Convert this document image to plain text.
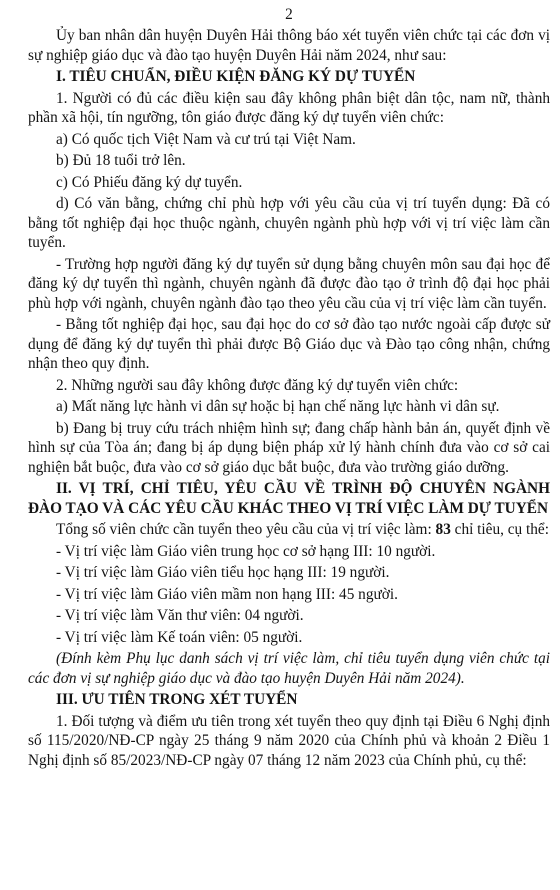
2

Ủy ban nhân dân huyện Duyên Hải thông báo xét tuyển viên chức tại các đơn vị sự nghiệp giáo dục và đào tạo huyện Duyên Hải năm 2024, như sau:

I. TIÊU CHUẨN, ĐIỀU KIỆN ĐĂNG KÝ DỰ TUYỂN

1. Người có đủ các điều kiện sau đây không phân biệt dân tộc, nam nữ, thành phần xã hội, tín ngưỡng, tôn giáo được đăng ký dự tuyển viên chức:

a) Có quốc tịch Việt Nam và cư trú tại Việt Nam.

b) Đủ 18 tuổi trở lên.

c) Có Phiếu đăng ký dự tuyển.

d) Có văn bằng, chứng chỉ phù hợp với yêu cầu của vị trí tuyển dụng: Đã có bằng tốt nghiệp đại học thuộc ngành, chuyên ngành phù hợp với vị trí việc làm cần tuyển.

- Trường hợp người đăng ký dự tuyển sử dụng bằng chuyên môn sau đại học để đăng ký dự tuyển thì ngành, chuyên ngành đã được đào tạo ở trình độ đại học phải phù hợp với ngành, chuyên ngành đào tạo theo yêu cầu của vị trí việc làm cần tuyển.

- Bằng tốt nghiệp đại học, sau đại học do cơ sở đào tạo nước ngoài cấp được sử dụng để đăng ký dự tuyển thì phải được Bộ Giáo dục và Đào tạo công nhận, chứng nhận theo quy định.

2. Những người sau đây không được đăng ký dự tuyển viên chức:

a) Mất năng lực hành vi dân sự hoặc bị hạn chế năng lực hành vi dân sự.

b) Đang bị truy cứu trách nhiệm hình sự; đang chấp hành bản án, quyết định về hình sự của Tòa án; đang bị áp dụng biện pháp xử lý hành chính đưa vào cơ sở cai nghiện bắt buộc, đưa vào cơ sở giáo dục bắt buộc, đưa vào trường giáo dưỡng.

II. VỊ TRÍ, CHỈ TIÊU, YÊU CẦU VỀ TRÌNH ĐỘ CHUYÊN NGÀNH ĐÀO TẠO VÀ CÁC YÊU CẦU KHÁC THEO VỊ TRÍ VIỆC LÀM DỰ TUYỂN

Tổng số viên chức cần tuyển theo yêu cầu của vị trí việc làm: 83 chỉ tiêu, cụ thể:

- Vị trí việc làm Giáo viên trung học cơ sở hạng III: 10 người.

- Vị trí việc làm Giáo viên tiểu học hạng III: 19 người.

- Vị trí việc làm Giáo viên mầm non hạng III: 45 người.

- Vị trí việc làm Văn thư viên: 04 người.

- Vị trí việc làm Kế toán viên: 05 người.

(Đính kèm Phụ lục danh sách vị trí việc làm, chỉ tiêu tuyển dụng viên chức tại các đơn vị sự nghiệp giáo dục và đào tạo huyện Duyên Hải năm 2024).

III. ƯU TIÊN TRONG XÉT TUYỂN

1. Đối tượng và điểm ưu tiên trong xét tuyển theo quy định tại Điều 6 Nghị định số 115/2020/NĐ-CP ngày 25 tháng 9 năm 2020 của Chính phủ và khoản 2 Điều 1 Nghị định số 85/2023/NĐ-CP ngày 07 tháng 12 năm 2023 của Chính phủ, cụ thể:
